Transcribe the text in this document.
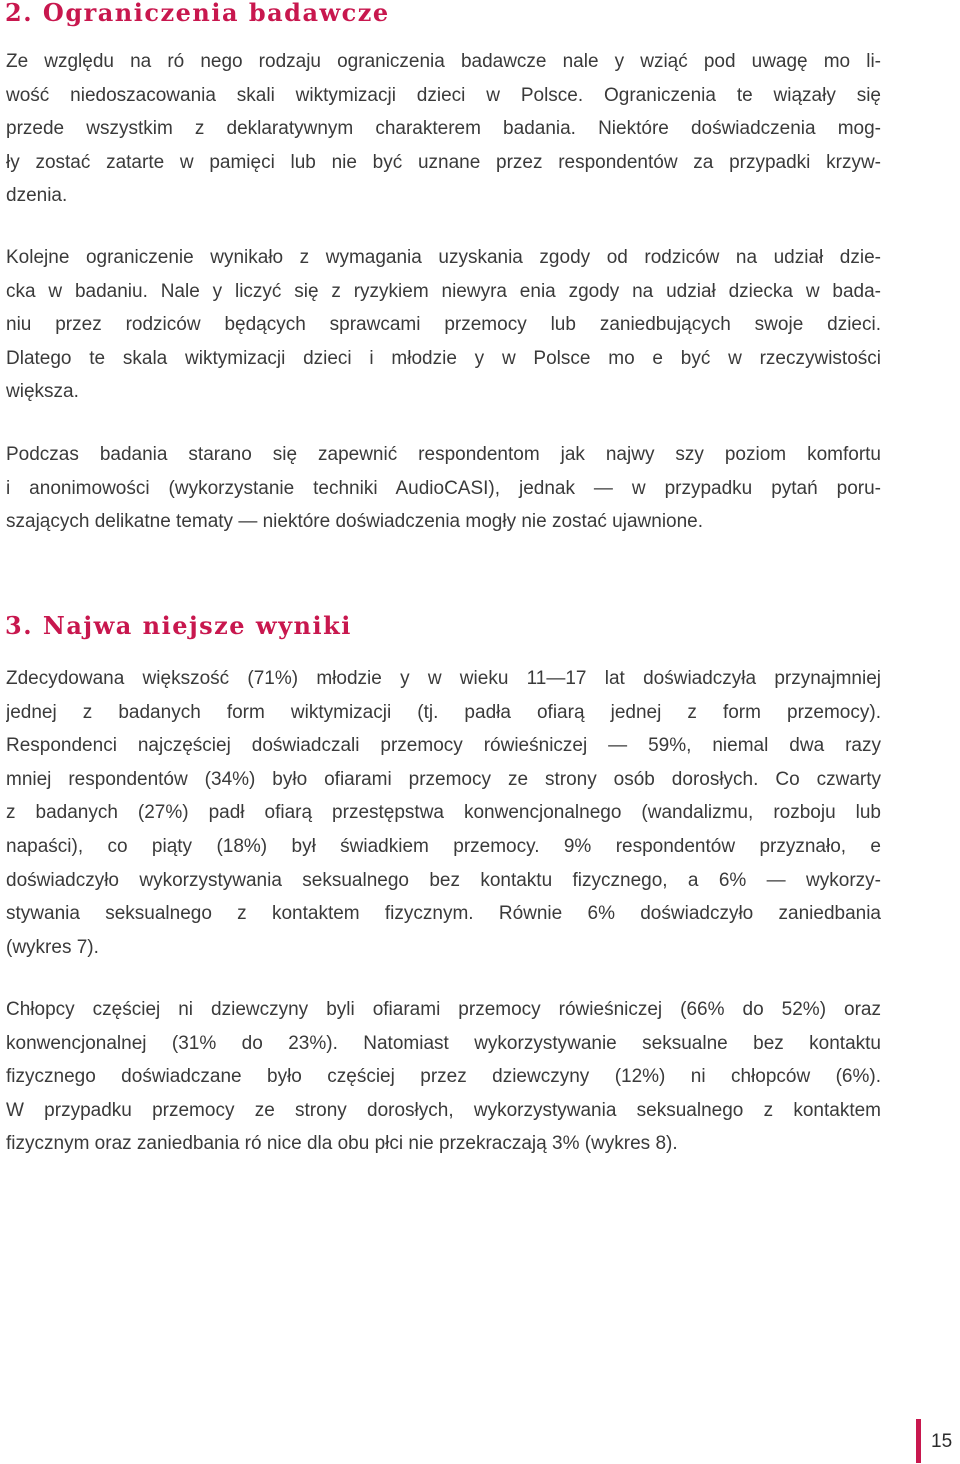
2. Ograniczenia badawcze
Ze względu na ró nego rodzaju ograniczenia badawcze nale y wziąć pod uwagę mo li-
wość niedoszacowania skali wiktymizacji dzieci w Polsce. Ograniczenia te wiązały się
przede wszystkim z deklaratywnym charakterem badania. Niektóre doświadczenia mog-
ły zostać zatarte w pamięci lub nie być uznane przez respondentów za przypadki krzyw-
dzenia.
Kolejne ograniczenie wynikało z wymagania uzyskania zgody od rodziców na udział dzie-
cka w badaniu. Nale y liczyć się z ryzykiem niewyra enia zgody na udział dziecka w bada-
niu przez rodziców będących sprawcami przemocy lub zaniedbujących swoje dzieci.
Dlatego te skala wiktymizacji dzieci i młodzie y w Polsce mo e być w rzeczywistości
większa.
Podczas badania starano się zapewnić respondentom jak najwy szy poziom komfortu
i anonimowości (wykorzystanie techniki AudioCASI), jednak — w przypadku pytań poru-
szających delikatne tematy — niektóre doświadczenia mogły nie zostać ujawnione.
3. Najwa niejsze wyniki
Zdecydowana większość (71%) młodzie y w wieku 11—17 lat doświadczyła przynajmniej
jednej z badanych form wiktymizacji (tj. padła ofiarą jednej z form przemocy).
Respondenci najczęściej doświadczali przemocy rówieśniczej — 59%, niemal dwa razy
mniej respondentów (34%) było ofiarami przemocy ze strony osób dorosłych. Co czwarty
z badanych (27%) padł ofiarą przestępstwa konwencjonalnego (wandalizmu, rozboju lub
napaści), co piąty (18%) był świadkiem przemocy. 9% respondentów przyznało, e
doświadczyło wykorzystywania seksualnego bez kontaktu fizycznego, a 6% — wykorzy-
stywania seksualnego z kontaktem fizycznym. Równie 6% doświadczyło zaniedbania
(wykres 7).
Chłopcy częściej ni dziewczyny byli ofiarami przemocy rówieśniczej (66% do 52%) oraz
konwencjonalnej (31% do 23%). Natomiast wykorzystywanie seksualne bez kontaktu
fizycznego doświadczane było częściej przez dziewczyny (12%) ni chłopców (6%).
W przypadku przemocy ze strony dorosłych, wykorzystywania seksualnego z kontaktem
fizycznym oraz zaniedbania ró nice dla obu płci nie przekraczają 3% (wykres 8).
15
